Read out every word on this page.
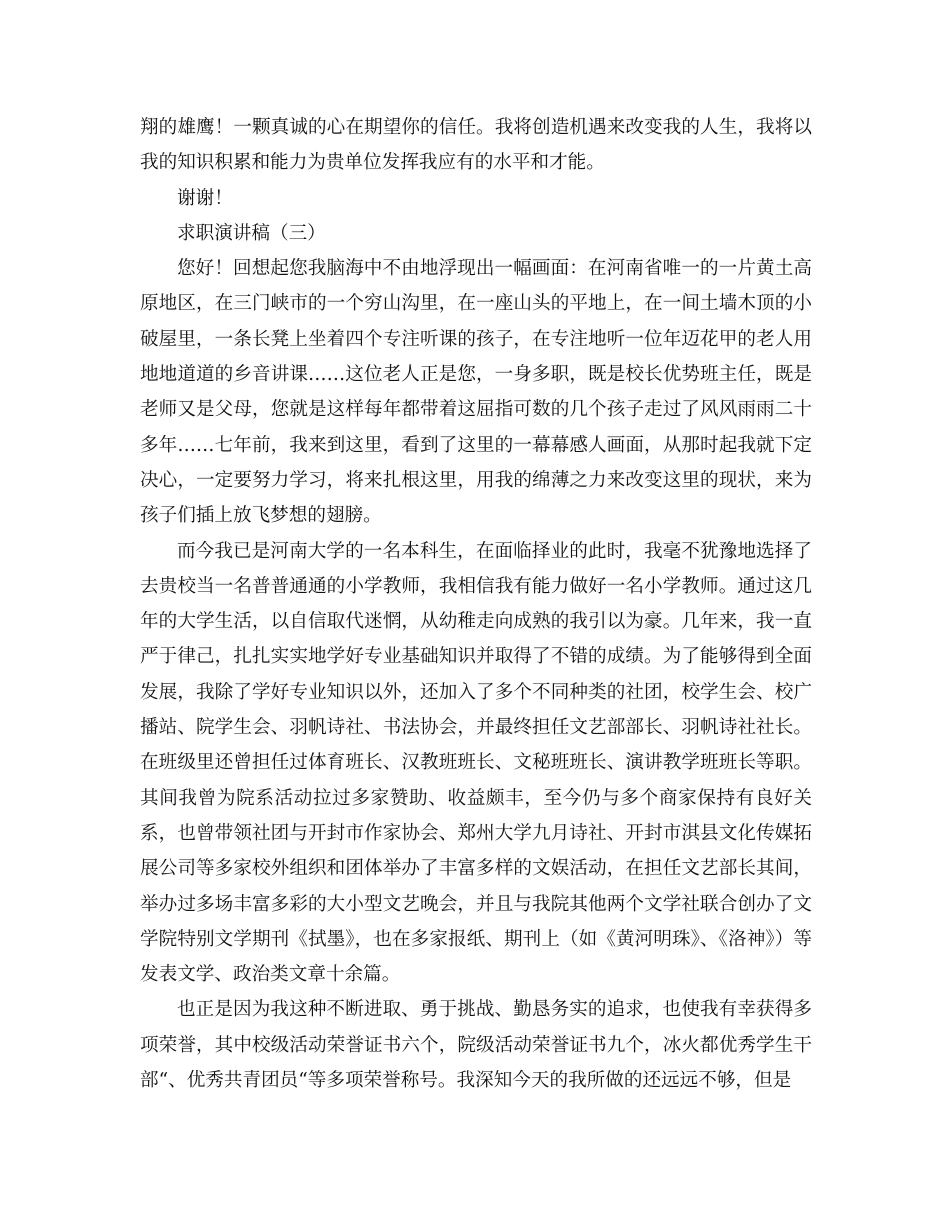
翔的雄鹰！一颗真诚的心在期望你的信任。我将创造机遇来改变我的人生，我将以我的知识积累和能力为贵单位发挥我应有的水平和才能。

谢谢！

求职演讲稿（三）

您好！回想起您我脑海中不由地浮现出一幅画面：在河南省唯一的一片黄土高原地区，在三门峡市的一个穷山沟里，在一座山头的平地上，在一间土墙木顶的小破屋里，一条长凳上坐着四个专注听课的孩子，在专注地听一位年迈花甲的老人用地地道道的乡音讲课……这位老人正是您，一身多职，既是校长优势班主任，既是老师又是父母，您就是这样每年都带着这屈指可数的几个孩子走过了风风雨雨二十多年……七年前，我来到这里，看到了这里的一幕幕感人画面，从那时起我就下定决心，一定要努力学习，将来扎根这里，用我的绵薄之力来改变这里的现状，来为孩子们插上放飞梦想的翅膀。

而今我已是河南大学的一名本科生，在面临择业的此时，我毫不犹豫地选择了去贵校当一名普普通通的小学教师，我相信我有能力做好一名小学教师。通过这几年的大学生活，以自信取代迷惘，从幼稚走向成熟的我引以为豪。几年来，我一直严于律己，扎扎实实地学好专业基础知识并取得了不错的成绩。为了能够得到全面发展，我除了学好专业知识以外，还加入了多个不同种类的社团，校学生会、校广播站、院学生会、羽帆诗社、书法协会，并最终担任文艺部部长、羽帆诗社社长。在班级里还曾担任过体育班长、汉教班班长、文秘班班长、演讲教学班班长等职。其间我曾为院系活动拉过多家赞助、收益颇丰，至今仍与多个商家保持有良好关系，也曾带领社团与开封市作家协会、郑州大学九月诗社、开封市淇县文化传媒拓展公司等多家校外组织和团体举办了丰富多样的文娱活动，在担任文艺部长其间，举办过多场丰富多彩的大小型文艺晚会，并且与我院其他两个文学社联合创办了文学院特别文学期刊《拭墨》，也在多家报纸、期刊上（如《黄河明珠》、《洛神》）等发表文学、政治类文章十余篇。

也正是因为我这种不断进取、勇于挑战、勤恳务实的追求，也使我有幸获得多项荣誉，其中校级活动荣誉证书六个，院级活动荣誉证书九个，冰火都优秀学生干部“、优秀共青团员“等多项荣誉称号。我深知今天的我所做的还远远不够，但是
